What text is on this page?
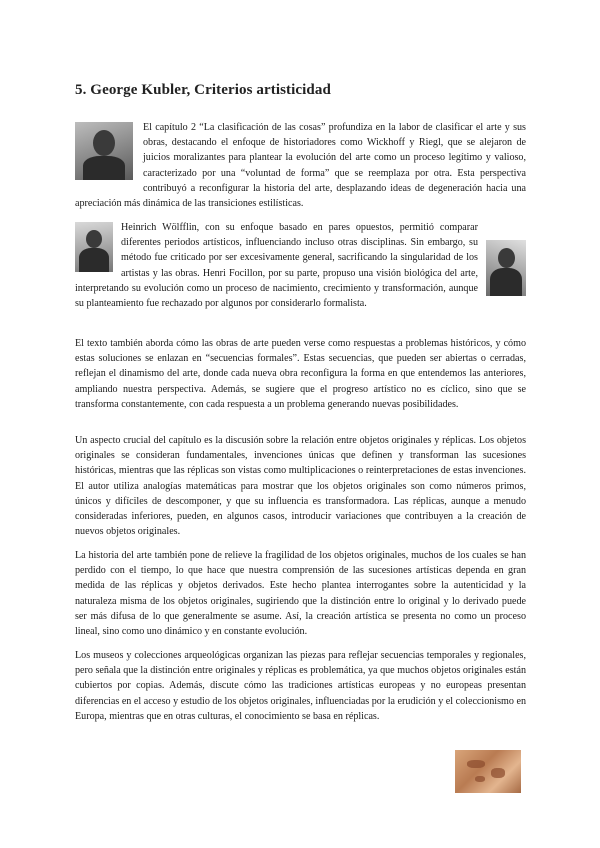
5. George Kubler, Criterios artisticidad
El capítulo 2 “La clasificación de las cosas” profundiza en la labor de clasificar el arte y sus obras, destacando el enfoque de historiadores como Wickhoff y Riegl, que se alejaron de juicios moralizantes para plantear la evolución del arte como un proceso legítimo y valioso, caracterizado por una “voluntad de forma” que se reemplaza por otra. Esta perspectiva contribuyó a reconfigurar la historia del arte, desplazando ideas de degeneración hacia una apreciación más dinámica de las transiciones estilísticas.
Heinrich Wölfflin, con su enfoque basado en pares opuestos, permitió comparar diferentes periodos artísticos, influenciando incluso otras disciplinas. Sin embargo, su método fue criticado por ser excesivamente general, sacrificando la singularidad de los artistas y las obras. Henri Focillon, por su parte, propuso una visión biológica del arte, interpretando su evolución como un proceso de nacimiento, crecimiento y transformación, aunque su planteamiento fue rechazado por algunos por considerarlo formalista.

El texto también aborda cómo las obras de arte pueden verse como respuestas a problemas históricos, y cómo estas soluciones se enlazan en “secuencias formales”. Estas secuencias, que pueden ser abiertas o cerradas, reflejan el dinamismo del arte, donde cada nueva obra reconfigura la forma en que entendemos las anteriores, ampliando nuestra perspectiva. Además, se sugiere que el progreso artístico no es cíclico, sino que se transforma constantemente, con cada respuesta a un problema generando nuevas posibilidades.

Un aspecto crucial del capítulo es la discusión sobre la relación entre objetos originales y réplicas. Los objetos originales se consideran fundamentales, invenciones únicas que definen y transforman las sucesiones históricas, mientras que las réplicas son vistas como multiplicaciones o reinterpretaciones de estas invenciones. El autor utiliza analogías matemáticas para mostrar que los objetos originales son como números primos, únicos y difíciles de descomponer, y que su influencia es transformadora. Las réplicas, aunque a menudo consideradas inferiores, pueden, en algunos casos, introducir variaciones que contribuyen a la creación de nuevos objetos originales.

La historia del arte también pone de relieve la fragilidad de los objetos originales, muchos de los cuales se han perdido con el tiempo, lo que hace que nuestra comprensión de las sucesiones artísticas dependa en gran medida de las réplicas y objetos derivados. Este hecho plantea interrogantes sobre la autenticidad y la naturaleza misma de los objetos originales, sugiriendo que la distinción entre lo original y lo derivado puede ser más difusa de lo que generalmente se asume. Así, la creación artística se presenta no como un proceso lineal, sino como uno dinámico y en constante evolución.

Los museos y colecciones arqueológicas organizan las piezas para reflejar secuencias temporales y regionales, pero señala que la distinción entre originales y réplicas es problemática, ya que muchos objetos originales están cubiertos por copias. Además, discute cómo las tradiciones artísticas europeas y no europeas presentan diferencias en el acceso y estudio de los objetos originales, influenciadas por la erudición y el coleccionismo en Europa, mientras que en otras culturas, el conocimiento se basa en réplicas.
